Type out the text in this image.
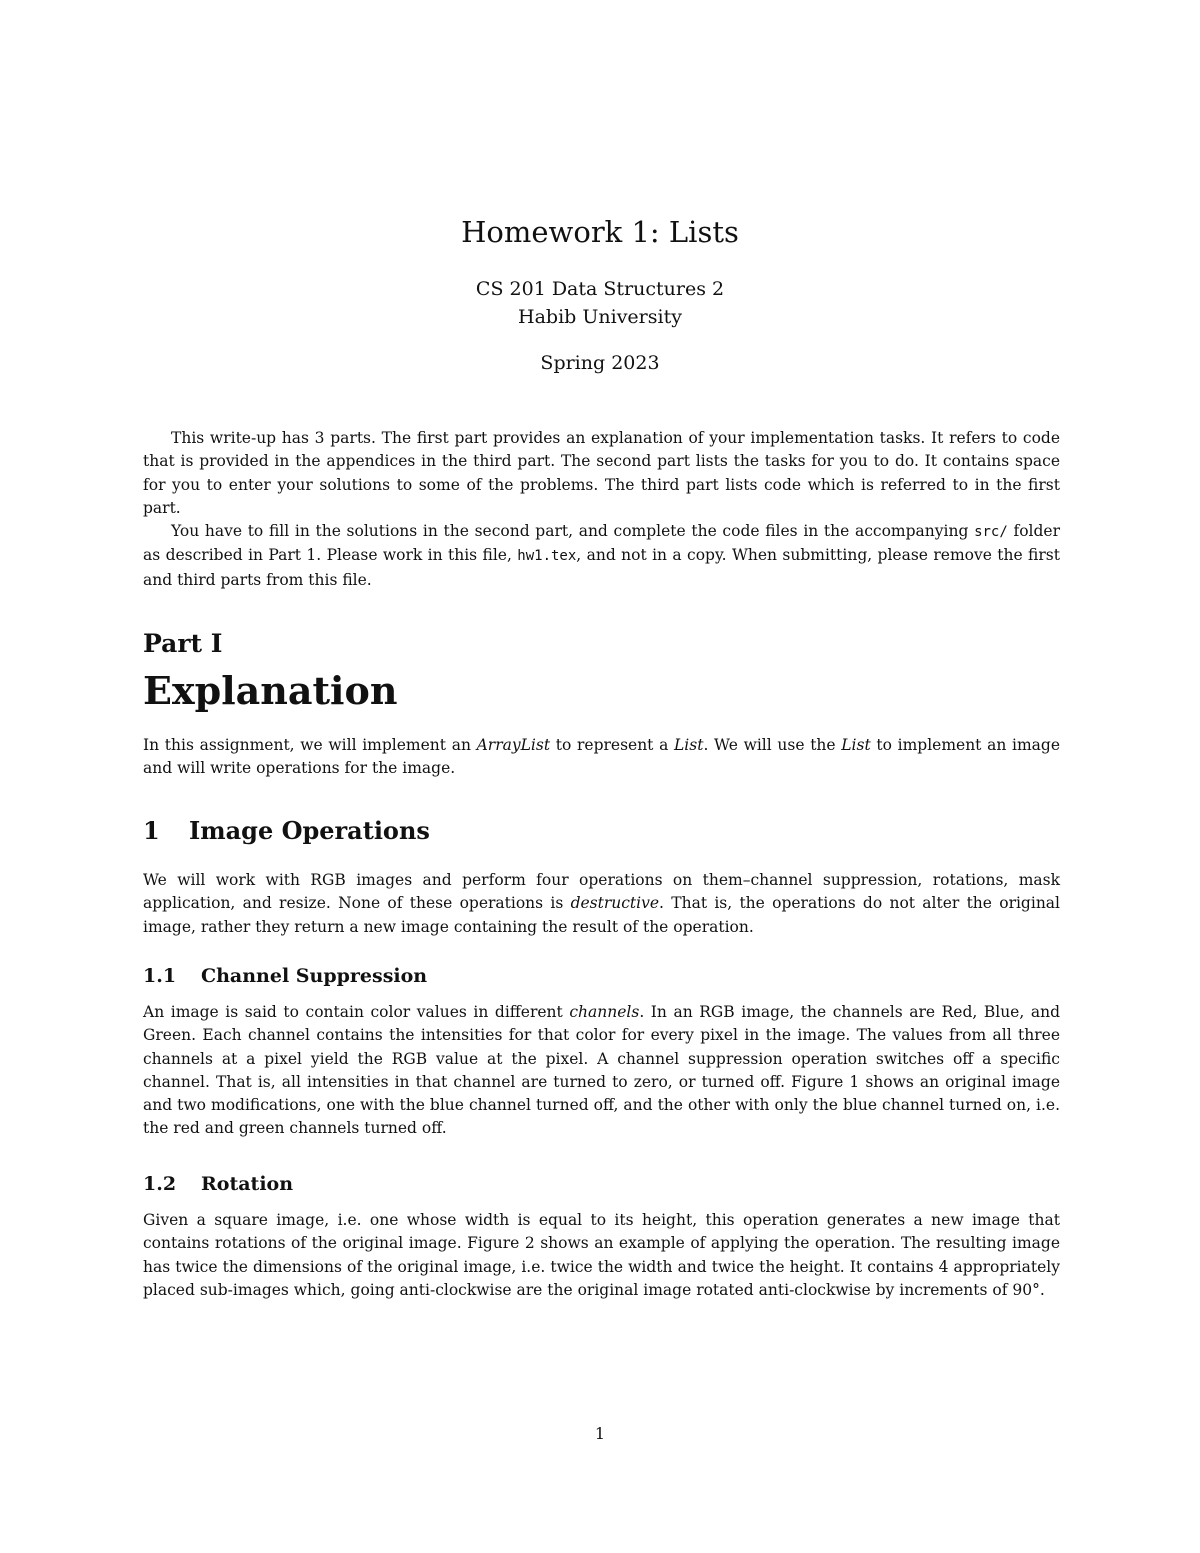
Homework 1: Lists

CS 201 Data Structures 2

Habib University

Spring 2023

This write-up has 3 parts. The first part provides an explanation of your implementation tasks. It refers to code that is provided in the appendices in the third part. The second part lists the tasks for you to do. It contains space for you to enter your solutions to some of the problems. The third part lists code which is referred to in the first part.

You have to fill in the solutions in the second part, and complete the code files in the accompanying src/ folder as described in Part 1. Please work in this file, hw1.tex, and not in a copy. When submitting, please remove the first and third parts from this file.

Part I
Explanation

In this assignment, we will implement an ArrayList to represent a List. We will use the List to implement an image and will write operations for the image.

1 Image Operations

We will work with RGB images and perform four operations on them–channel suppression, rotations, mask application, and resize. None of these operations is destructive. That is, the operations do not alter the original image, rather they return a new image containing the result of the operation.

1.1 Channel Suppression

An image is said to contain color values in different channels. In an RGB image, the channels are Red, Blue, and Green. Each channel contains the intensities for that color for every pixel in the image. The values from all three channels at a pixel yield the RGB value at the pixel. A channel suppression operation switches off a specific channel. That is, all intensities in that channel are turned to zero, or turned off. Figure 1 shows an original image and two modifications, one with the blue channel turned off, and the other with only the blue channel turned on, i.e. the red and green channels turned off.

1.2 Rotation

Given a square image, i.e. one whose width is equal to its height, this operation generates a new image that contains rotations of the original image. Figure 2 shows an example of applying the operation. The resulting image has twice the dimensions of the original image, i.e. twice the width and twice the height. It contains 4 appropriately placed sub-images which, going anti-clockwise are the original image rotated anti-clockwise by increments of 90°.

1
